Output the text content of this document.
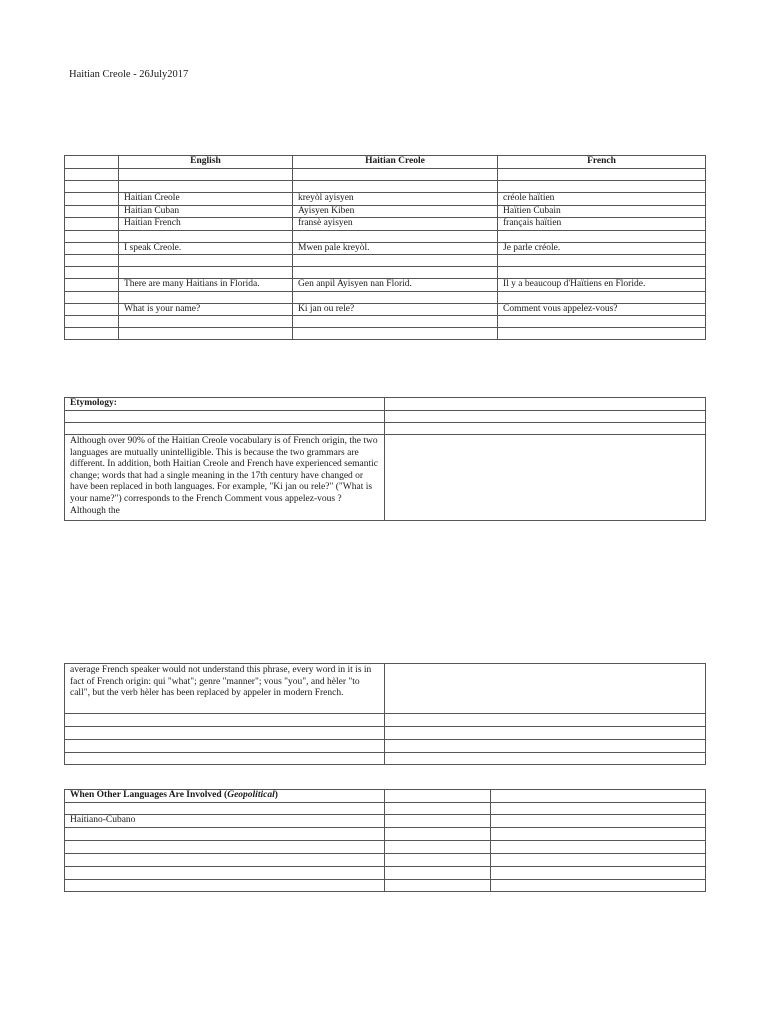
Haitian Creole - 26July2017
	English	Haitian Creole	French

	Haitian Creole	kreyòl ayisyen	créole haïtien
	Haitian Cuban	Ayisyen Kiben	Haïtien Cubain
	Haitian French	fransè ayisyen	français haïtien

	I speak Creole.	Mwen pale kreyòl.	Je parle créole.

	There are many Haitians in Florida.	Gen anpil Ayisyen nan Florid.	Il y a beaucoup d'Haïtiens en Floride.

	What is your name?	Ki jan ou rele?	Comment vous appelez-vous?

Etymology:	

Although over 90% of the Haitian Creole vocabulary is of French origin, the two languages are mutually unintelligible. This is because the two grammars are different. In addition, both Haitian Creole and French have experienced semantic change; words that had a single meaning in the 17th century have changed or have been replaced in both languages. For example, "Ki jan ou rele?" ("What is your name?") corresponds to the French Comment vous appelez-vous ? Although the	
average French speaker would not understand this phrase, every word in it is in fact of French origin: qui "what"; genre "manner"; vous "you", and hèler "to call", but the verb hèler has been replaced by appeler in modern French.	

When Other Languages Are Involved (Geopolitical)		

Haitiano-Cubano		
